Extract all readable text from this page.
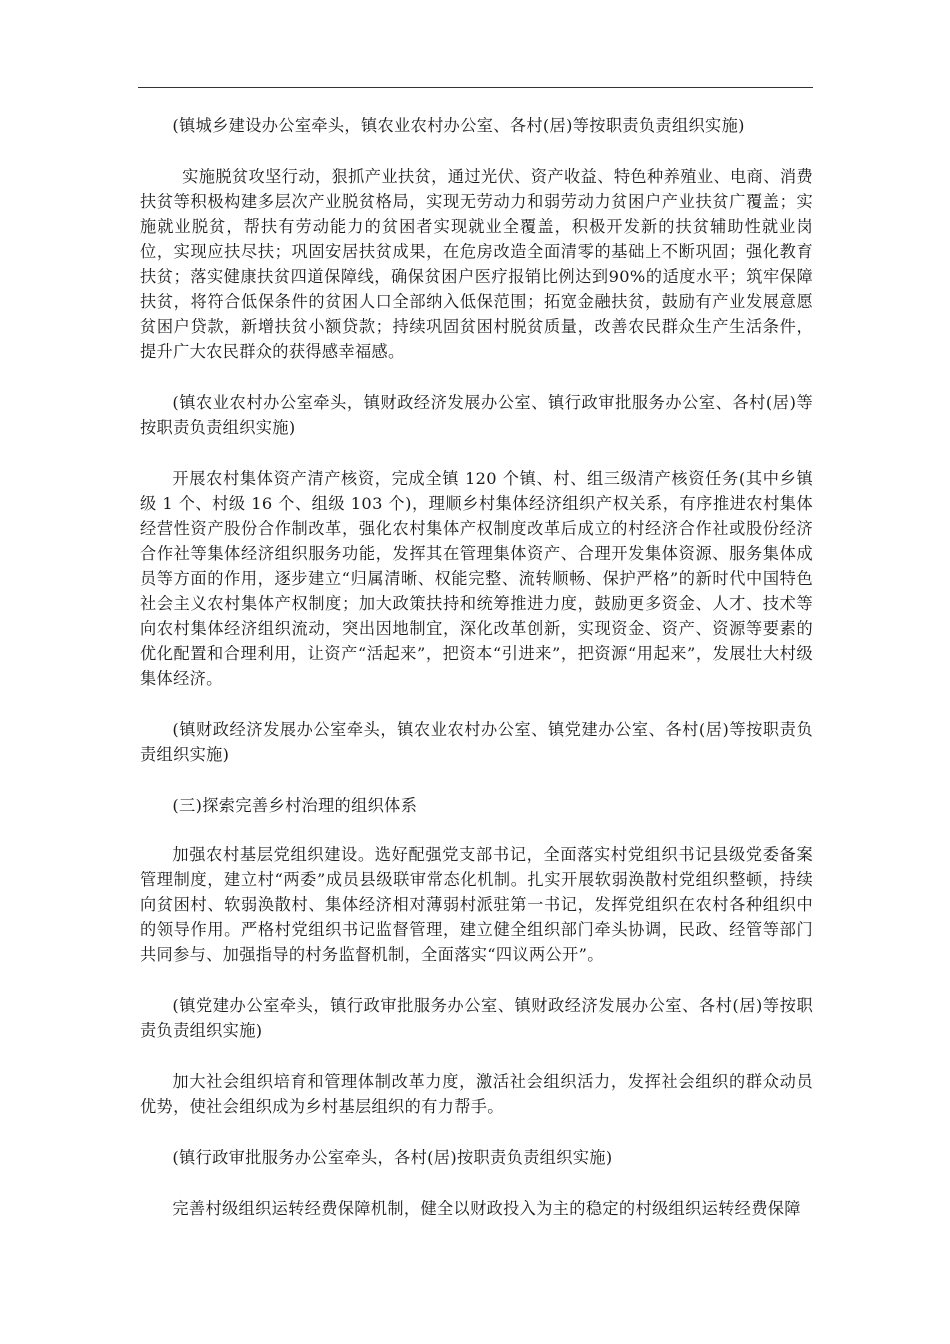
(镇城乡建设办公室牵头，镇农业农村办公室、各村(居)等按职责负责组织实施)

实施脱贫攻坚行动，狠抓产业扶贫，通过光伏、资产收益、特色种养殖业、电商、消费扶贫等积极构建多层次产业脱贫格局，实现无劳动力和弱劳动力贫困户产业扶贫广覆盖；实施就业脱贫，帮扶有劳动能力的贫困者实现就业全覆盖，积极开发新的扶贫辅助性就业岗位，实现应扶尽扶；巩固安居扶贫成果，在危房改造全面清零的基础上不断巩固；强化教育扶贫；落实健康扶贫四道保障线，确保贫困户医疗报销比例达到90%的适度水平；筑牢保障扶贫，将符合低保条件的贫困人口全部纳入低保范围；拓宽金融扶贫，鼓励有产业发展意愿贫困户贷款，新增扶贫小额贷款；持续巩固贫困村脱贫质量，改善农民群众生产生活条件，提升广大农民群众的获得感幸福感。

(镇农业农村办公室牵头，镇财政经济发展办公室、镇行政审批服务办公室、各村(居)等按职责负责组织实施)

开展农村集体资产清产核资，完成全镇 120 个镇、村、组三级清产核资任务(其中乡镇级 1 个、村级 16 个、组级 103 个)，理顺乡村集体经济组织产权关系，有序推进农村集体经营性资产股份合作制改革，强化农村集体产权制度改革后成立的村经济合作社或股份经济合作社等集体经济组织服务功能，发挥其在管理集体资产、合理开发集体资源、服务集体成员等方面的作用，逐步建立“归属清晰、权能完整、流转顺畅、保护严格”的新时代中国特色社会主义农村集体产权制度；加大政策扶持和统筹推进力度，鼓励更多资金、人才、技术等向农村集体经济组织流动，突出因地制宜，深化改革创新，实现资金、资产、资源等要素的优化配置和合理利用，让资产“活起来”，把资本“引进来”，把资源“用起来”，发展壮大村级集体经济。

(镇财政经济发展办公室牵头，镇农业农村办公室、镇党建办公室、各村(居)等按职责负责组织实施)

(三)探索完善乡村治理的组织体系

加强农村基层党组织建设。选好配强党支部书记，全面落实村党组织书记县级党委备案管理制度，建立村“两委”成员县级联审常态化机制。扎实开展软弱涣散村党组织整顿，持续向贫困村、软弱涣散村、集体经济相对薄弱村派驻第一书记，发挥党组织在农村各种组织中的领导作用。严格村党组织书记监督管理，建立健全组织部门牵头协调，民政、经管等部门共同参与、加强指导的村务监督机制，全面落实“四议两公开”。

(镇党建办公室牵头，镇行政审批服务办公室、镇财政经济发展办公室、各村(居)等按职责负责组织实施)

加大社会组织培育和管理体制改革力度，激活社会组织活力，发挥社会组织的群众动员优势，使社会组织成为乡村基层组织的有力帮手。

(镇行政审批服务办公室牵头，各村(居)按职责负责组织实施)

完善村级组织运转经费保障机制，健全以财政投入为主的稳定的村级组织运转经费保障
